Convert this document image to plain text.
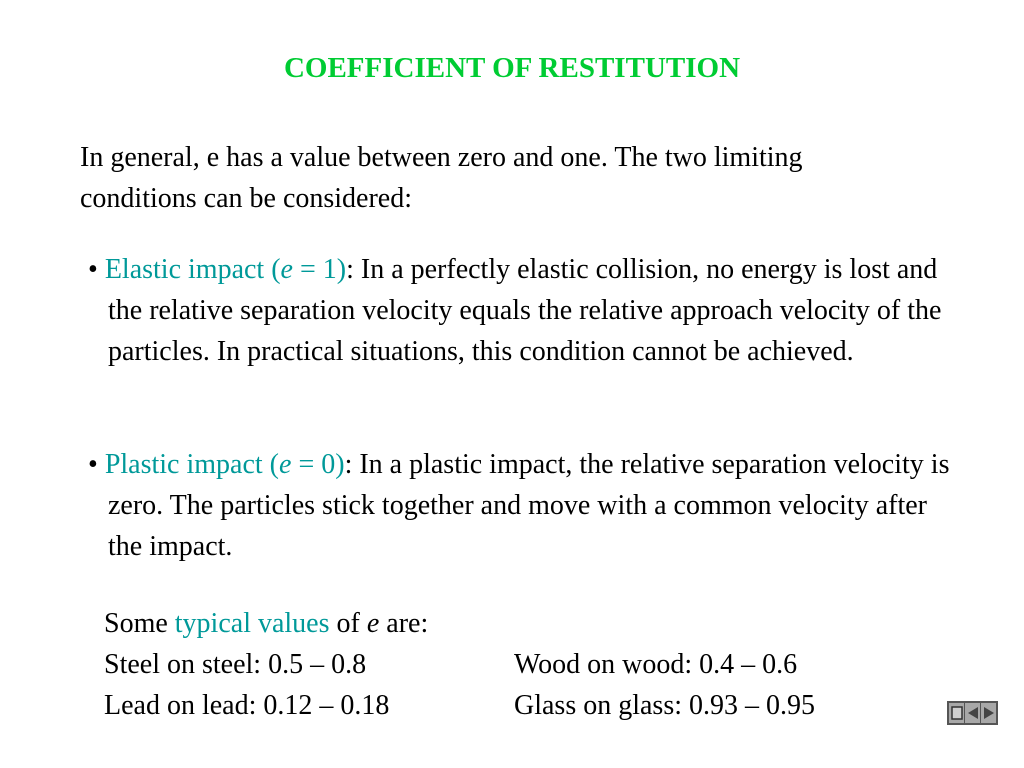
COEFFICIENT OF RESTITUTION
In general, e has a value between zero and one. The two limiting conditions can be considered:
• Elastic impact (e = 1): In a perfectly elastic collision, no energy is lost and the relative separation velocity equals the relative approach velocity of the particles. In practical situations, this condition cannot be achieved.
• Plastic impact (e = 0): In a plastic impact, the relative separation velocity is zero. The particles stick together and move with a common velocity after the impact.
Some
typical values
of
e
are:
Steel on steel: 0.5 – 0.8	Wood on wood: 0.4 – 0.6
Lead on lead: 0.12 – 0.18	Glass on glass: 0.93 – 0.95
